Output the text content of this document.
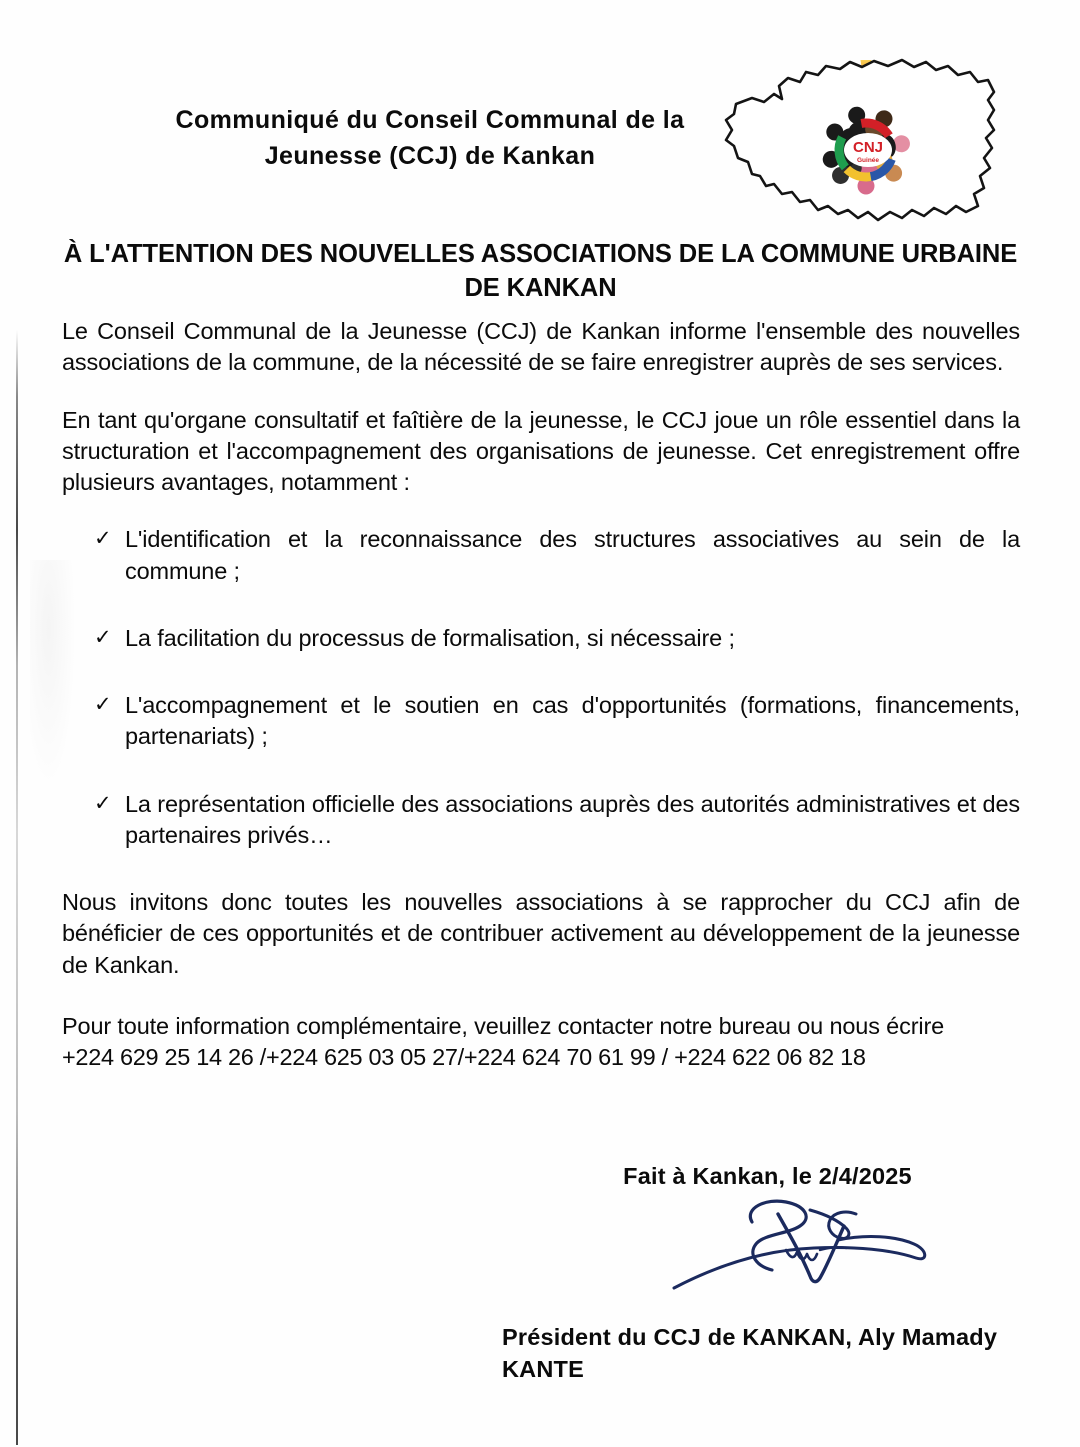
Communiqué du Conseil Communal de la Jeunesse (CCJ) de Kankan	CNJ
Guinée
À L'ATTENTION DES NOUVELLES ASSOCIATIONS DE LA COMMUNE URBAINE DE KANKAN

Le Conseil Communal de la Jeunesse (CCJ) de Kankan informe l'ensemble des nouvelles associations de la commune, de la nécessité de se faire enregistrer auprès de ses services.

En tant qu'organe consultatif et faîtière de la jeunesse, le CCJ joue un rôle essentiel dans la structuration et l'accompagnement des organisations de jeunesse. Cet enregistrement offre plusieurs avantages, notamment :

✓ L'identification et la reconnaissance des structures associatives au sein de la commune ;
✓ La facilitation du processus de formalisation, si nécessaire ;
✓ L'accompagnement et le soutien en cas d'opportunités (formations, financements, partenariats) ;
✓ La représentation officielle des associations auprès des autorités administratives et des partenaires privés…

Nous invitons donc toutes les nouvelles associations à se rapprocher du CCJ afin de bénéficier de ces opportunités et de contribuer activement au développement de la jeunesse de Kankan.

Pour toute information complémentaire, veuillez contacter notre bureau ou nous écrire

+224 629 25 14 26 /+224 625 03 05 27/+224 624 70 61 99 / +224 622 06 82 18

Fait à Kankan, le 2/4/2025
Président du CCJ de KANKAN, Aly Mamady KANTE
